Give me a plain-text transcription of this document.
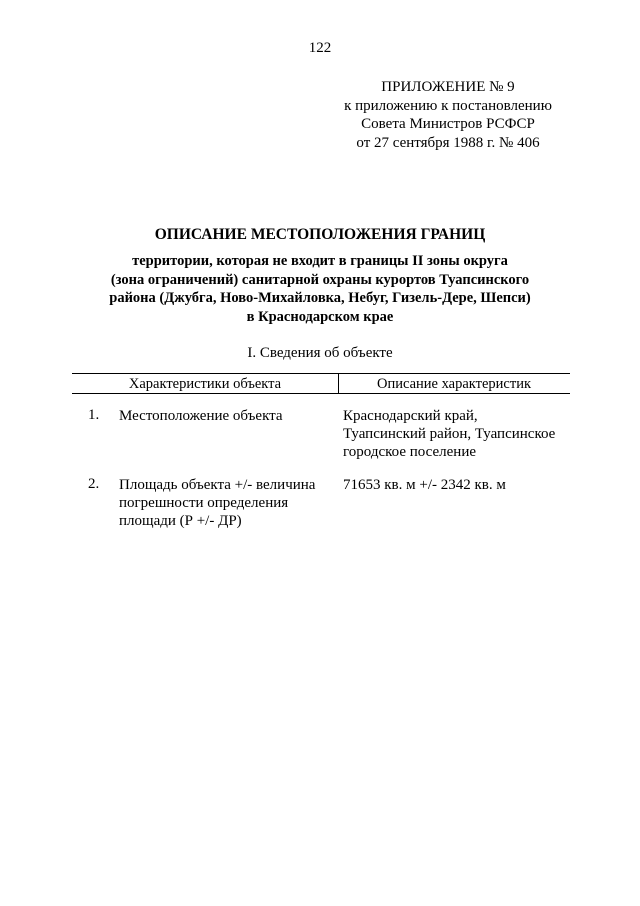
122
ПРИЛОЖЕНИЕ № 9
к приложению к постановлению
Совета Министров РСФСР
от 27 сентября 1988 г. № 406
ОПИСАНИЕ МЕСТОПОЛОЖЕНИЯ ГРАНИЦ
территории, которая не входит в границы II зоны округа
(зона ограничений) санитарной охраны курортов Туапсинского
района (Джубга, Ново-Михайловка, Небуг, Гизель-Дере, Шепси)
в Краснодарском крае
I. Сведения об объекте
Характеристики объекта	Описание характеристик
1. Местоположение объекта	Краснодарский край,
Туапсинский район, Туапсинское
городское поселение
2. Площадь объекта +/- величина
погрешности определения
площади (Р +/- ДР)
71653 кв. м +/- 2342 кв. м
